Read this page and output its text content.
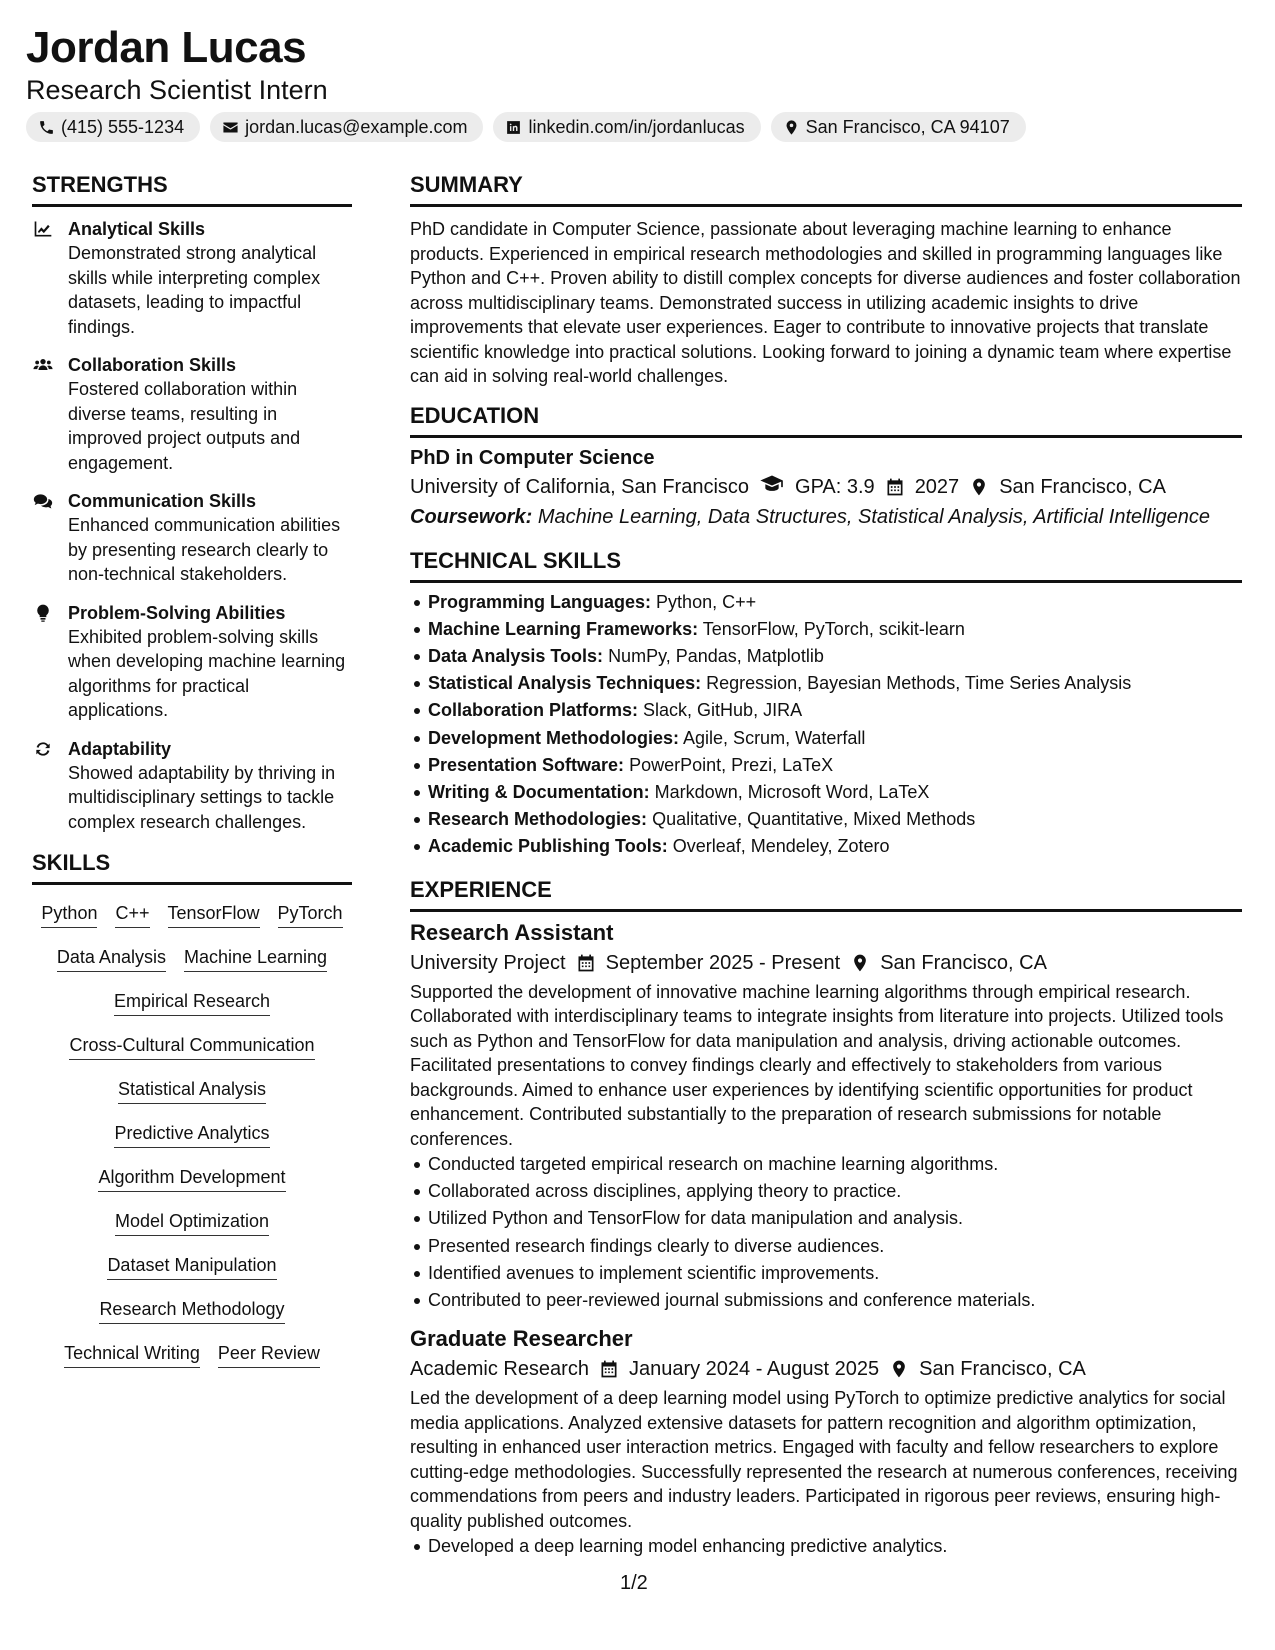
Jordan Lucas
Research Scientist Intern
(415) 555-1234	jordan.lucas@example.com	linkedin.com/in/jordanlucas	San Francisco, CA 94107
STRENGTHS
Analytical Skills
Demonstrated strong analytical skills while interpreting complex datasets, leading to impactful findings.
Collaboration Skills
Fostered collaboration within diverse teams, resulting in improved project outputs and engagement.
Communication Skills
Enhanced communication abilities by presenting research clearly to non-technical stakeholders.
Problem-Solving Abilities
Exhibited problem-solving skills when developing machine learning algorithms for practical applications.
Adaptability
Showed adaptability by thriving in multidisciplinary settings to tackle complex research challenges.
SKILLS
Python C++ TensorFlow PyTorch
Data Analysis Machine Learning
Empirical Research
Cross-Cultural Communication
Statistical Analysis
Predictive Analytics
Algorithm Development
Model Optimization
Dataset Manipulation
Research Methodology
Technical Writing Peer Review
SUMMARY
PhD candidate in Computer Science, passionate about leveraging machine learning to enhance products. Experienced in empirical research methodologies and skilled in programming languages like Python and C++. Proven ability to distill complex concepts for diverse audiences and foster collaboration across multidisciplinary teams. Demonstrated success in utilizing academic insights to drive improvements that elevate user experiences. Eager to contribute to innovative projects that translate scientific knowledge into practical solutions. Looking forward to joining a dynamic team where expertise can aid in solving real-world challenges.
EDUCATION
PhD in Computer Science
University of California, San Francisco GPA: 3.9 2027 San Francisco, CA
Coursework: Machine Learning, Data Structures, Statistical Analysis, Artificial Intelligence
TECHNICAL SKILLS
Programming Languages: Python, C++
Machine Learning Frameworks: TensorFlow, PyTorch, scikit-learn
Data Analysis Tools: NumPy, Pandas, Matplotlib
Statistical Analysis Techniques: Regression, Bayesian Methods, Time Series Analysis
Collaboration Platforms: Slack, GitHub, JIRA
Development Methodologies: Agile, Scrum, Waterfall
Presentation Software: PowerPoint, Prezi, LaTeX
Writing & Documentation: Markdown, Microsoft Word, LaTeX
Research Methodologies: Qualitative, Quantitative, Mixed Methods
Academic Publishing Tools: Overleaf, Mendeley, Zotero
EXPERIENCE
Research Assistant
University Project September 2025 - Present San Francisco, CA
Supported the development of innovative machine learning algorithms through empirical research. Collaborated with interdisciplinary teams to integrate insights from literature into projects. Utilized tools such as Python and TensorFlow for data manipulation and analysis, driving actionable outcomes. Facilitated presentations to convey findings clearly and effectively to stakeholders from various backgrounds. Aimed to enhance user experiences by identifying scientific opportunities for product enhancement. Contributed substantially to the preparation of research submissions for notable conferences.
Conducted targeted empirical research on machine learning algorithms.
Collaborated across disciplines, applying theory to practice.
Utilized Python and TensorFlow for data manipulation and analysis.
Presented research findings clearly to diverse audiences.
Identified avenues to implement scientific improvements.
Contributed to peer-reviewed journal submissions and conference materials.
Graduate Researcher
Academic Research January 2024 - August 2025 San Francisco, CA
Led the development of a deep learning model using PyTorch to optimize predictive analytics for social media applications. Analyzed extensive datasets for pattern recognition and algorithm optimization, resulting in enhanced user interaction metrics. Engaged with faculty and fellow researchers to explore cutting-edge methodologies. Successfully represented the research at numerous conferences, receiving commendations from peers and industry leaders. Participated in rigorous peer reviews, ensuring high-quality published outcomes.
Developed a deep learning model enhancing predictive analytics.
1/2
